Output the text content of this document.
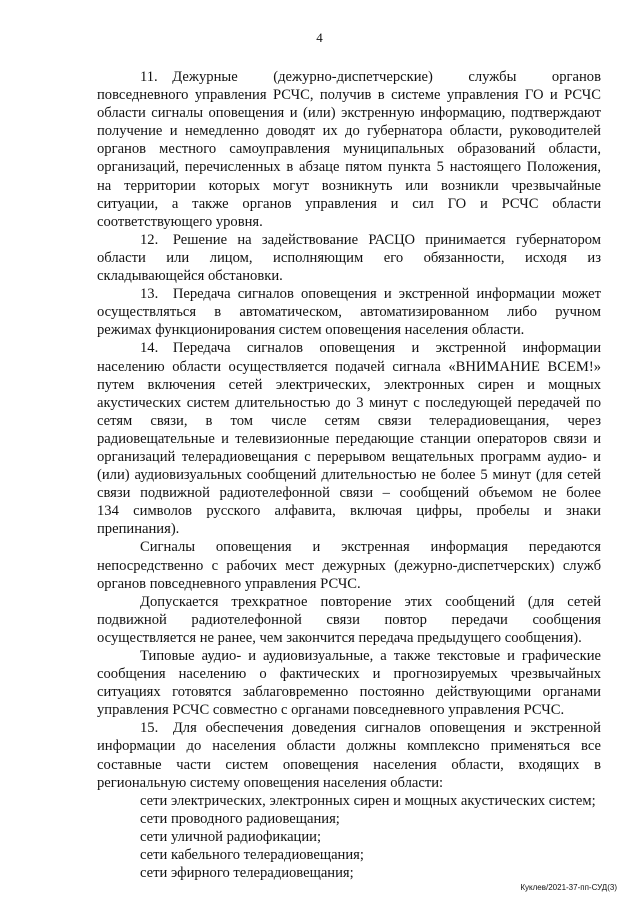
4
11. Дежурные (дежурно-диспетчерские) службы органов
повседневного управления РСЧС, получив в системе управления ГО и РСЧС
области сигналы оповещения и (или) экстренную информацию, подтверждают
получение и немедленно доводят их до губернатора области, руководителей
органов местного самоуправления муниципальных образований области,
организаций, перечисленных в абзаце пятом пункта 5 настоящего Положения,
на территории которых могут возникнуть или возникли чрезвычайные
ситуации, а также органов управления и сил ГО и РСЧС области
соответствующего уровня.
12. Решение на задействование РАСЦО принимается губернатором
области или лицом, исполняющим его обязанности, исходя из
складывающейся обстановки.
13. Передача сигналов оповещения и экстренной информации может
осуществляться в автоматическом, автоматизированном либо ручном
режимах функционирования систем оповещения населения области.
14. Передача сигналов оповещения и экстренной информации
населению области осуществляется подачей сигнала «ВНИМАНИЕ ВСЕМ!»
путем включения сетей электрических, электронных сирен и мощных
акустических систем длительностью до 3 минут с последующей передачей по
сетям связи, в том числе сетям связи телерадиовещания, через
радиовещательные и телевизионные передающие станции операторов связи и
организаций телерадиовещания с перерывом вещательных программ аудио- и
(или) аудиовизуальных сообщений длительностью не более 5 минут (для сетей
связи подвижной радиотелефонной связи – сообщений объемом не более
134 символов русского алфавита, включая цифры, пробелы и знаки
препинания).
Сигналы оповещения и экстренная информация передаются
непосредственно с рабочих мест дежурных (дежурно-диспетчерских) служб
органов повседневного управления РСЧС.
Допускается трехкратное повторение этих сообщений (для сетей
подвижной радиотелефонной связи повтор передачи сообщения
осуществляется не ранее, чем закончится передача предыдущего сообщения).
Типовые аудио- и аудиовизуальные, а также текстовые и графические
сообщения населению о фактических и прогнозируемых чрезвычайных
ситуациях готовятся заблаговременно постоянно действующими органами
управления РСЧС совместно с органами повседневного управления РСЧС.
15. Для обеспечения доведения сигналов оповещения и экстренной
информации до населения области должны комплексно применяться все
составные части систем оповещения населения области, входящих в
региональную систему оповещения населения области:
сети электрических, электронных сирен и мощных акустических систем;
сети проводного радиовещания;
сети уличной радиофикации;
сети кабельного телерадиовещания;
сети эфирного телерадиовещания;
Куклев/2021-37-пп-СУД(3)
